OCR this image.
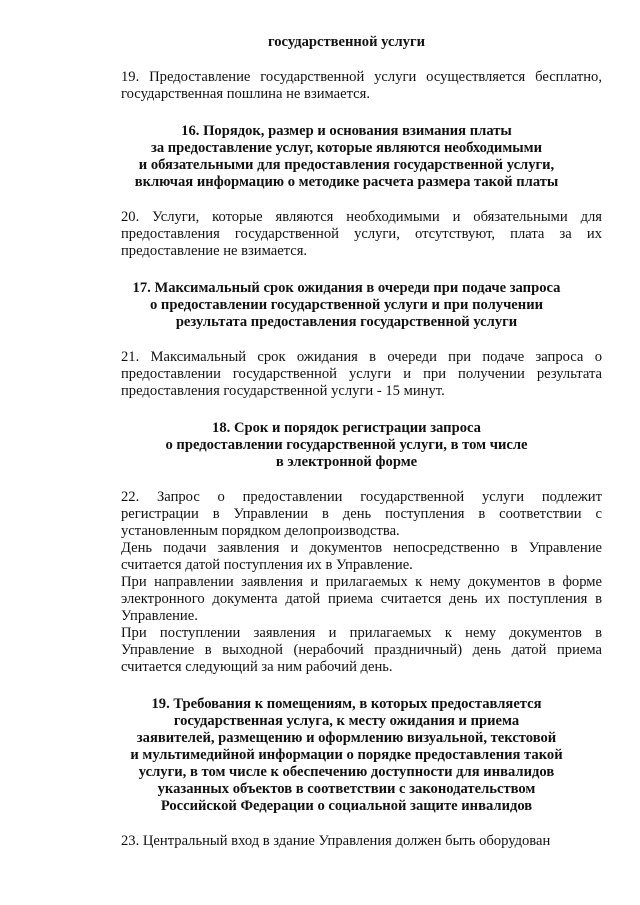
государственной услуги
19. Предоставление государственной услуги осуществляется бесплатно,
государственная пошлина не взимается.
16. Порядок, размер и основания взимания платы
за предоставление услуг, которые являются необходимыми
и обязательными для предоставления государственной услуги,
включая информацию о методике расчета размера такой платы
20. Услуги, которые являются необходимыми и обязательными для
предоставления государственной услуги, отсутствуют, плата за их
предоставление не взимается.
17. Максимальный срок ожидания в очереди при подаче запроса
о предоставлении государственной услуги и при получении
результата предоставления государственной услуги
21. Максимальный срок ожидания в очереди при подаче запроса о
предоставлении государственной услуги и при получении результата
предоставления государственной услуги - 15 минут.
18. Срок и порядок регистрации запроса
о предоставлении государственной услуги, в том числе
в электронной форме
22. Запрос о предоставлении государственной услуги подлежит
регистрации в Управлении в день поступления в соответствии с
установленным порядком делопроизводства.
День подачи заявления и документов непосредственно в Управление
считается датой поступления их в Управление.
При направлении заявления и прилагаемых к нему документов в форме
электронного документа датой приема считается день их поступления в
Управление.
При поступлении заявления и прилагаемых к нему документов в
Управление в выходной (нерабочий праздничный) день датой приема
считается следующий за ним рабочий день.
19. Требования к помещениям, в которых предоставляется
государственная услуга, к месту ожидания и приема
заявителей, размещению и оформлению визуальной, текстовой
и мультимедийной информации о порядке предоставления такой
услуги, в том числе к обеспечению доступности для инвалидов
указанных объектов в соответствии с законодательством
Российской Федерации о социальной защите инвалидов
23. Центральный вход в здание Управления должен быть оборудован
